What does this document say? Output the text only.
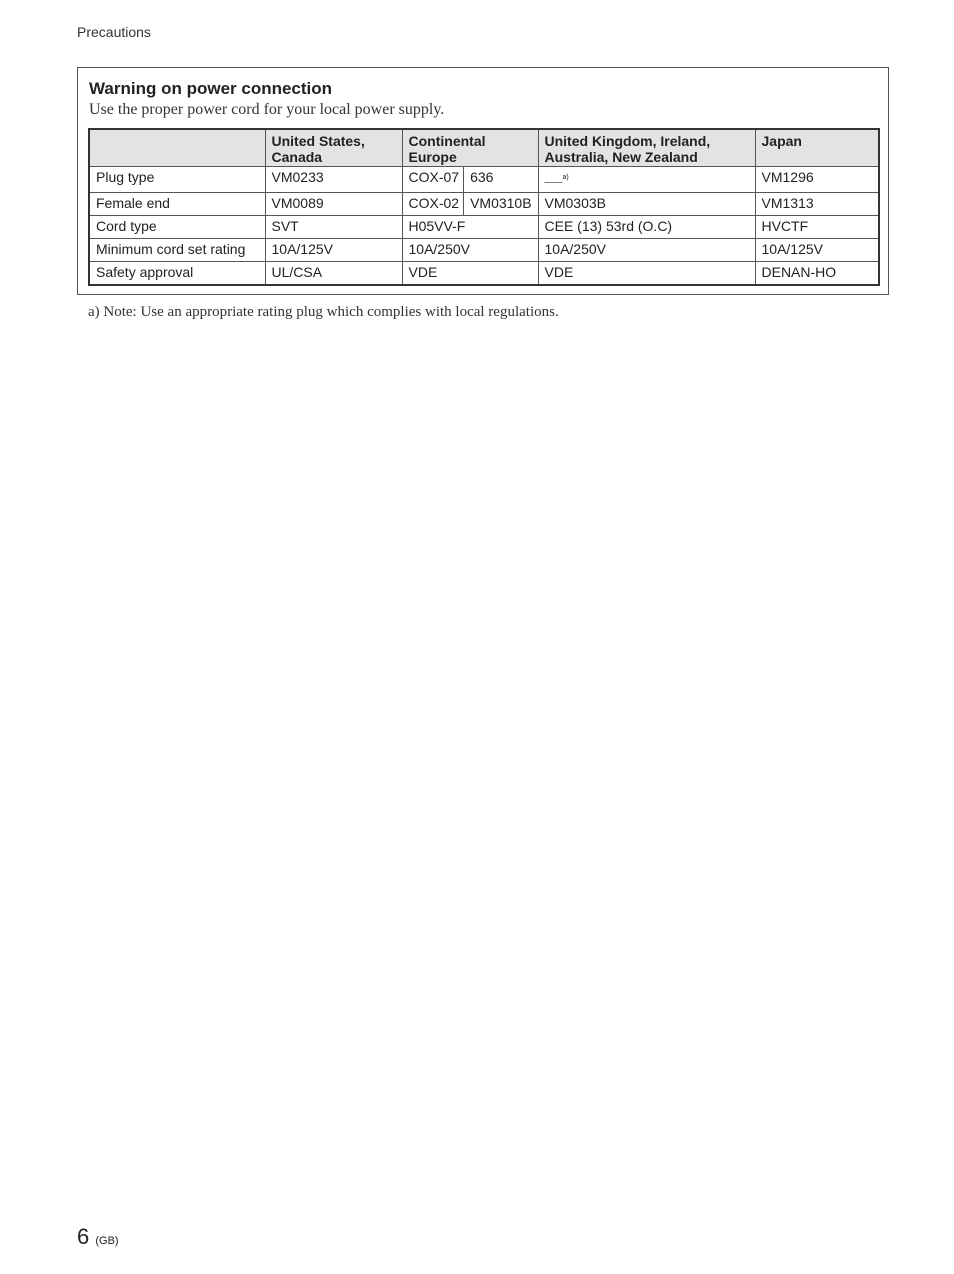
Precautions
Warning on power connection
Use the proper power cord for your local power supply.
	United States, Canada	Continental Europe	United Kingdom, Ireland, Australia, New Zealand	Japan
Plug type	VM0233	COX-07 636	——$^{a)}$	VM1296
Female end	VM0089	COX-02 VM0310B	VM0303B	VM1313
Cord type	SVT	H05VV-F	CEE (13) 53rd (O.C)	HVCTF
Minimum cord set rating	10A/125V	10A/250V	10A/250V	10A/125V
Safety approval	UL/CSA	VDE	VDE	DENAN-HO
a) Note: Use an appropriate rating plug which complies with local regulations.
6 (GB)
